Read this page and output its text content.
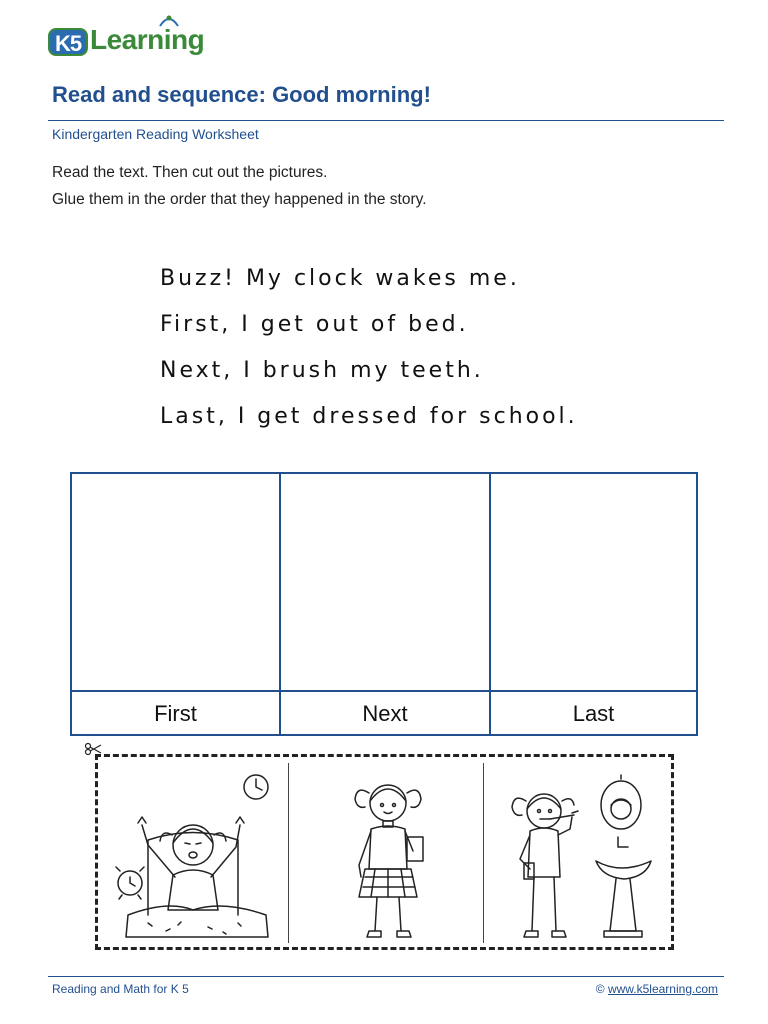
K5 Learning
Read and sequence: Good morning!
Kindergarten Reading Worksheet
Read the text. Then cut out the pictures.
Glue them in the order that they happened in the story.
Buzz! My clock wakes me.
First, I get out of bed.
Next, I brush my teeth.
Last, I get dressed for school.
First	Next	Last
Reading and Math for K 5	© www.k5learning.com
